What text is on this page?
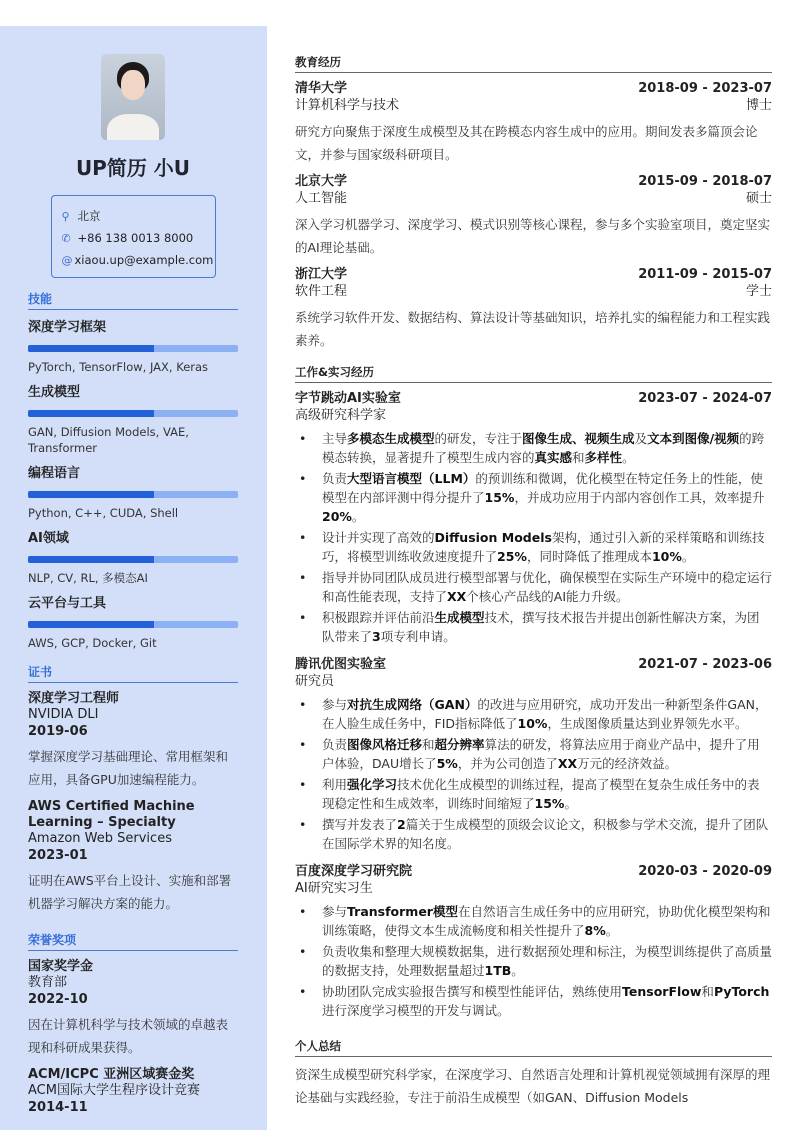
UP简历 小U
⚲ 北京
✆ +86 138 0013 8000
@ xiaou.up@example.com
技能
深度学习框架
PyTorch, TensorFlow, JAX, Keras
生成模型
GAN, Diffusion Models, VAE, Transformer
编程语言
Python, C++, CUDA, Shell
AI领域
NLP, CV, RL, 多模态AI
云平台与工具
AWS, GCP, Docker, Git
证书
深度学习工程师
NVIDIA DLI
2019-06
掌握深度学习基础理论、常用框架和应用，具备GPU加速编程能力。
AWS Certified Machine Learning – Specialty
Amazon Web Services
2023-01
证明在AWS平台上设计、实施和部署机器学习解决方案的能力。
荣誉奖项
国家奖学金
教育部
2022-10
因在计算机科学与技术领域的卓越表现和科研成果获得。
ACM/ICPC 亚洲区域赛金奖
ACM国际大学生程序设计竞赛
2014-11
教育经历
清华大学	2018-09 - 2023-07
计算机科学与技术	博士
研究方向聚焦于深度生成模型及其在跨模态内容生成中的应用。期间发表多篇顶会论文，并参与国家级科研项目。
北京大学	2015-09 - 2018-07
人工智能	硕士
深入学习机器学习、深度学习、模式识别等核心课程，参与多个实验室项目，奠定坚实的AI理论基础。
浙江大学	2011-09 - 2015-07
软件工程	学士
系统学习软件开发、数据结构、算法设计等基础知识，培养扎实的编程能力和工程实践素养。
工作&实习经历
字节跳动AI实验室	2023-07 - 2024-07
高级研究科学家
• 主导多模态生成模型的研发，专注于图像生成、视频生成及文本到图像/视频的跨模态转换，显著提升了模型生成内容的真实感和多样性。
• 负责大型语言模型（LLM）的预训练和微调，优化模型在特定任务上的性能，使模型在内部评测中得分提升了15%，并成功应用于内部内容创作工具，效率提升20%。
• 设计并实现了高效的Diffusion Models架构，通过引入新的采样策略和训练技巧，将模型训练收敛速度提升了25%，同时降低了推理成本10%。
• 指导并协同团队成员进行模型部署与优化，确保模型在实际生产环境中的稳定运行和高性能表现，支持了XX个核心产品线的AI能力升级。
• 积极跟踪并评估前沿生成模型技术，撰写技术报告并提出创新性解决方案，为团队带来了3项专利申请。
腾讯优图实验室	2021-07 - 2023-06
研究员
• 参与对抗生成网络（GAN）的改进与应用研究，成功开发出一种新型条件GAN，在人脸生成任务中，FID指标降低了10%，生成图像质量达到业界领先水平。
• 负责图像风格迁移和超分辨率算法的研发，将算法应用于商业产品中，提升了用户体验，DAU增长了5%，并为公司创造了XX万元的经济效益。
• 利用强化学习技术优化生成模型的训练过程，提高了模型在复杂生成任务中的表现稳定性和生成效率，训练时间缩短了15%。
• 撰写并发表了2篇关于生成模型的顶级会议论文，积极参与学术交流，提升了团队在国际学术界的知名度。
百度深度学习研究院	2020-03 - 2020-09
AI研究实习生
• 参与Transformer模型在自然语言生成任务中的应用研究，协助优化模型架构和训练策略，使得文本生成流畅度和相关性提升了8%。
• 负责收集和整理大规模数据集，进行数据预处理和标注，为模型训练提供了高质量的数据支持，处理数据量超过1TB。
• 协助团队完成实验报告撰写和模型性能评估，熟练使用TensorFlow和PyTorch进行深度学习模型的开发与调试。
个人总结
资深生成模型研究科学家，在深度学习、自然语言处理和计算机视觉领域拥有深厚的理论基础与实践经验，专注于前沿生成模型（如GAN、Diffusion Models
